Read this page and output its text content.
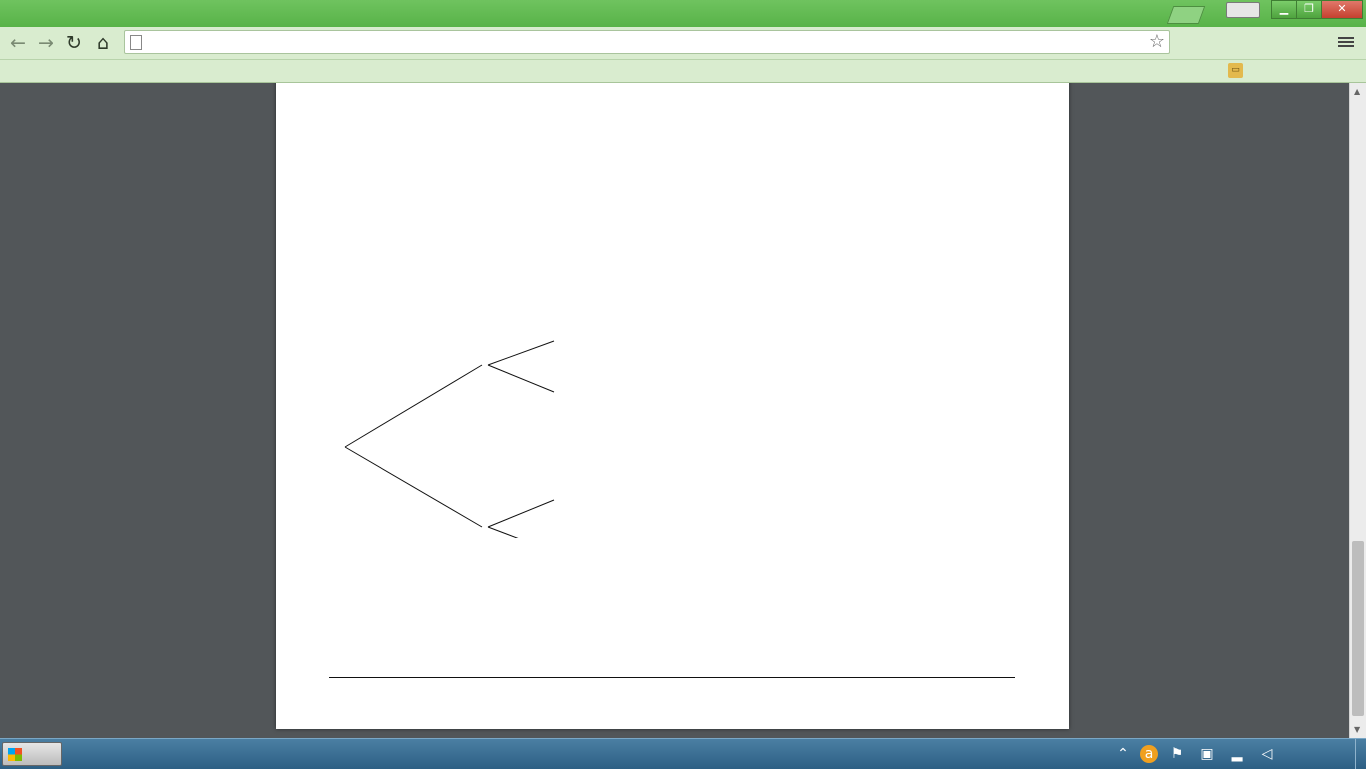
▁	❐	✕
← → ↻ ⌂	☆
▭

▲
▼
⌃	a	⚑ ▣ ▂ ◁
